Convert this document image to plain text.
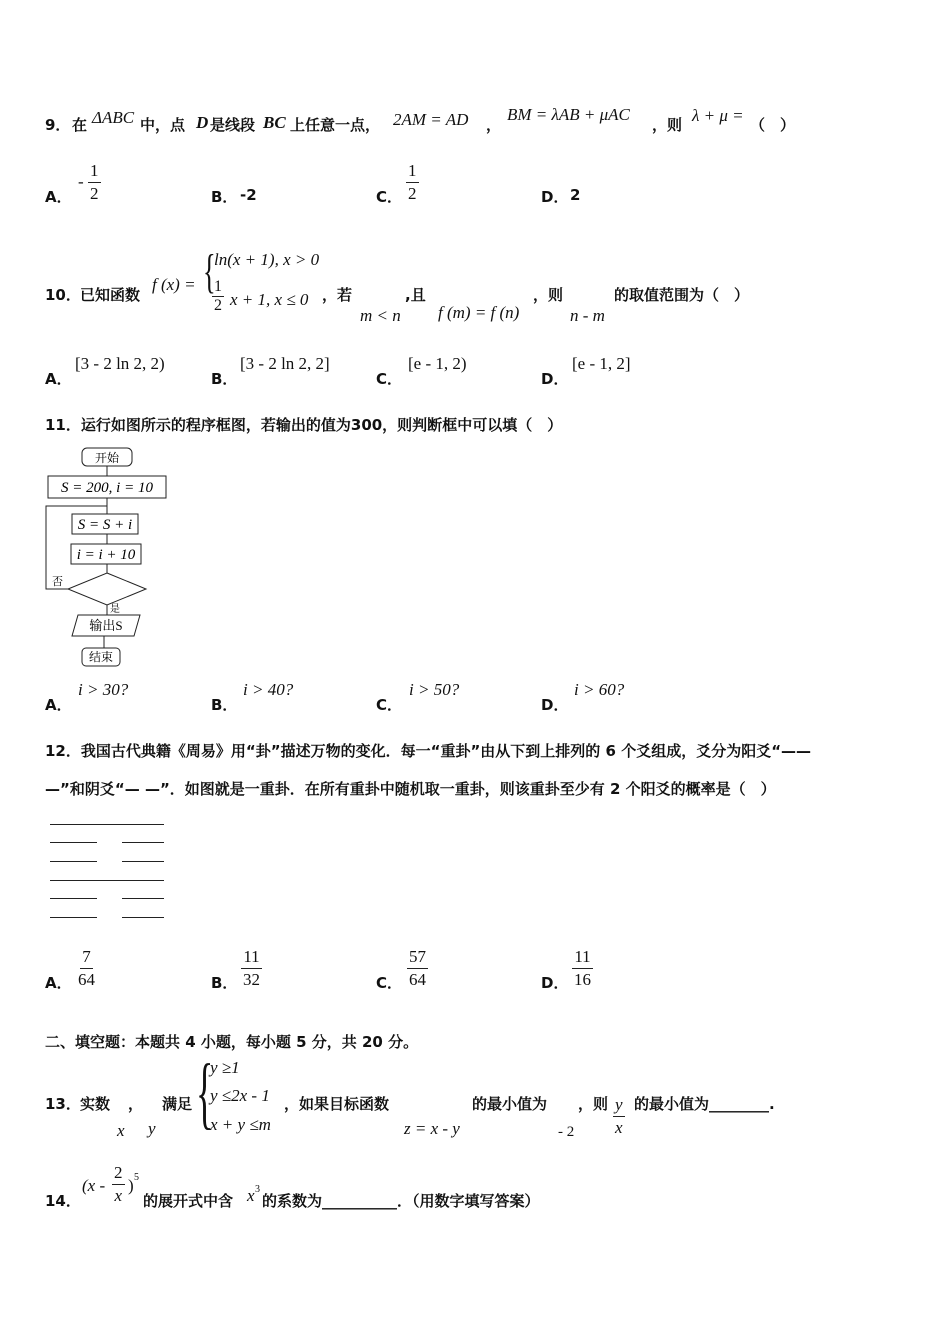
9． 在 ΔABC 中，点 D 是线段 BC 上任意一点， 2AM = AD ，
BM = λAB + μAC
，则 λ + μ = （　）
A．
- $\frac{1}{2}$	B． -2	C． $\frac{1}{2}$	D． 2
10． 已知函数
f (x) = {
ln(x + 1), x > 0
$\frac{1}{2}$ x + 1, x ≤ 0 ，若
m < n
,且
f (m) = f (n)
，则
n - m
的取值范围为（　）
A．
[3 - 2 ln 2, 2)
B．
[3 - 2 ln 2, 2]
C．
[e - 1, 2)
D．
[e - 1, 2]
11．运行如图所示的程序框图，若输出的值为300，则判断框中可以填（　）
开始
S = 200, i = 10
S = S + i
i = i + 10
否
是
输出S
结束
A．
i > 30?
B．
i > 40?
C．
i > 50?
D．
i > 60?
12．我国古代典籍《周易》用“卦”描述万物的变化．每一“重卦”由从下到上排列的 6 个爻组成，爻分为阳爻“——
—”和阴爻“— —”．如图就是一重卦．在所有重卦中随机取一重卦，则该重卦至少有 2 个阳爻的概率是（　）
A． $\frac{7}{64}$	B． $\frac{11}{32}$	C． $\frac{57}{64}$	D． $\frac{11}{16}$
二、填空题：本题共 4 小题，每小题 5 分，共 20 分。
13． 实数 ， 满足
x y {
y ≥1
y ≤2x - 1
x + y ≤m
，如果目标函数
z = x - y
的最小值为
- 2
，则 $\frac{y}{x}$ 的最小值为________.
14．
($x - \frac{2}{x}$ ) 5
的展开式中含 x 3
的系数为__________．（用数字填写答案）
